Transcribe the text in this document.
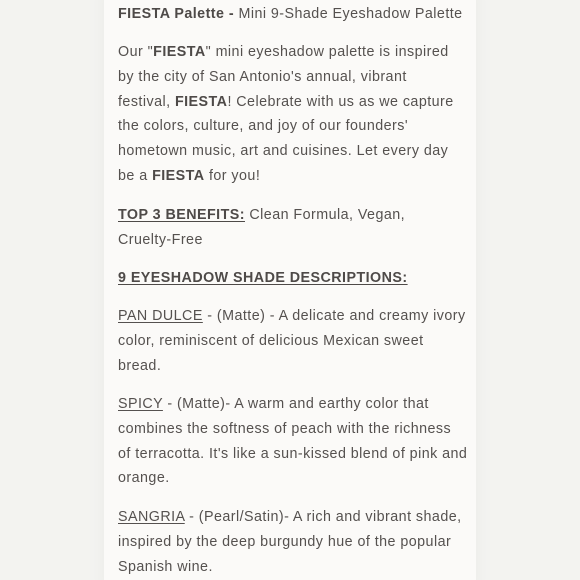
FIESTA Palette - Mini 9-Shade Eyeshadow Palette

Our "FIESTA" mini eyeshadow palette is inspired by the city of San Antonio's annual, vibrant festival, FIESTA! Celebrate with us as we capture the colors, culture, and joy of our founders' hometown music, art and cuisines. Let every day be a FIESTA for you!

TOP 3 BENEFITS: Clean Formula, Vegan, Cruelty-Free

9 EYESHADOW SHADE DESCRIPTIONS:

PAN DULCE - (Matte) - A delicate and creamy ivory color, reminiscent of delicious Mexican sweet bread.

SPICY - (Matte)- A warm and earthy color that combines the softness of peach with the richness of terracotta. It's like a sun-kissed blend of pink and orange.

SANGRIA - (Pearl/Satin)- A rich and vibrant shade, inspired by the deep burgundy hue of the popular Spanish wine.
